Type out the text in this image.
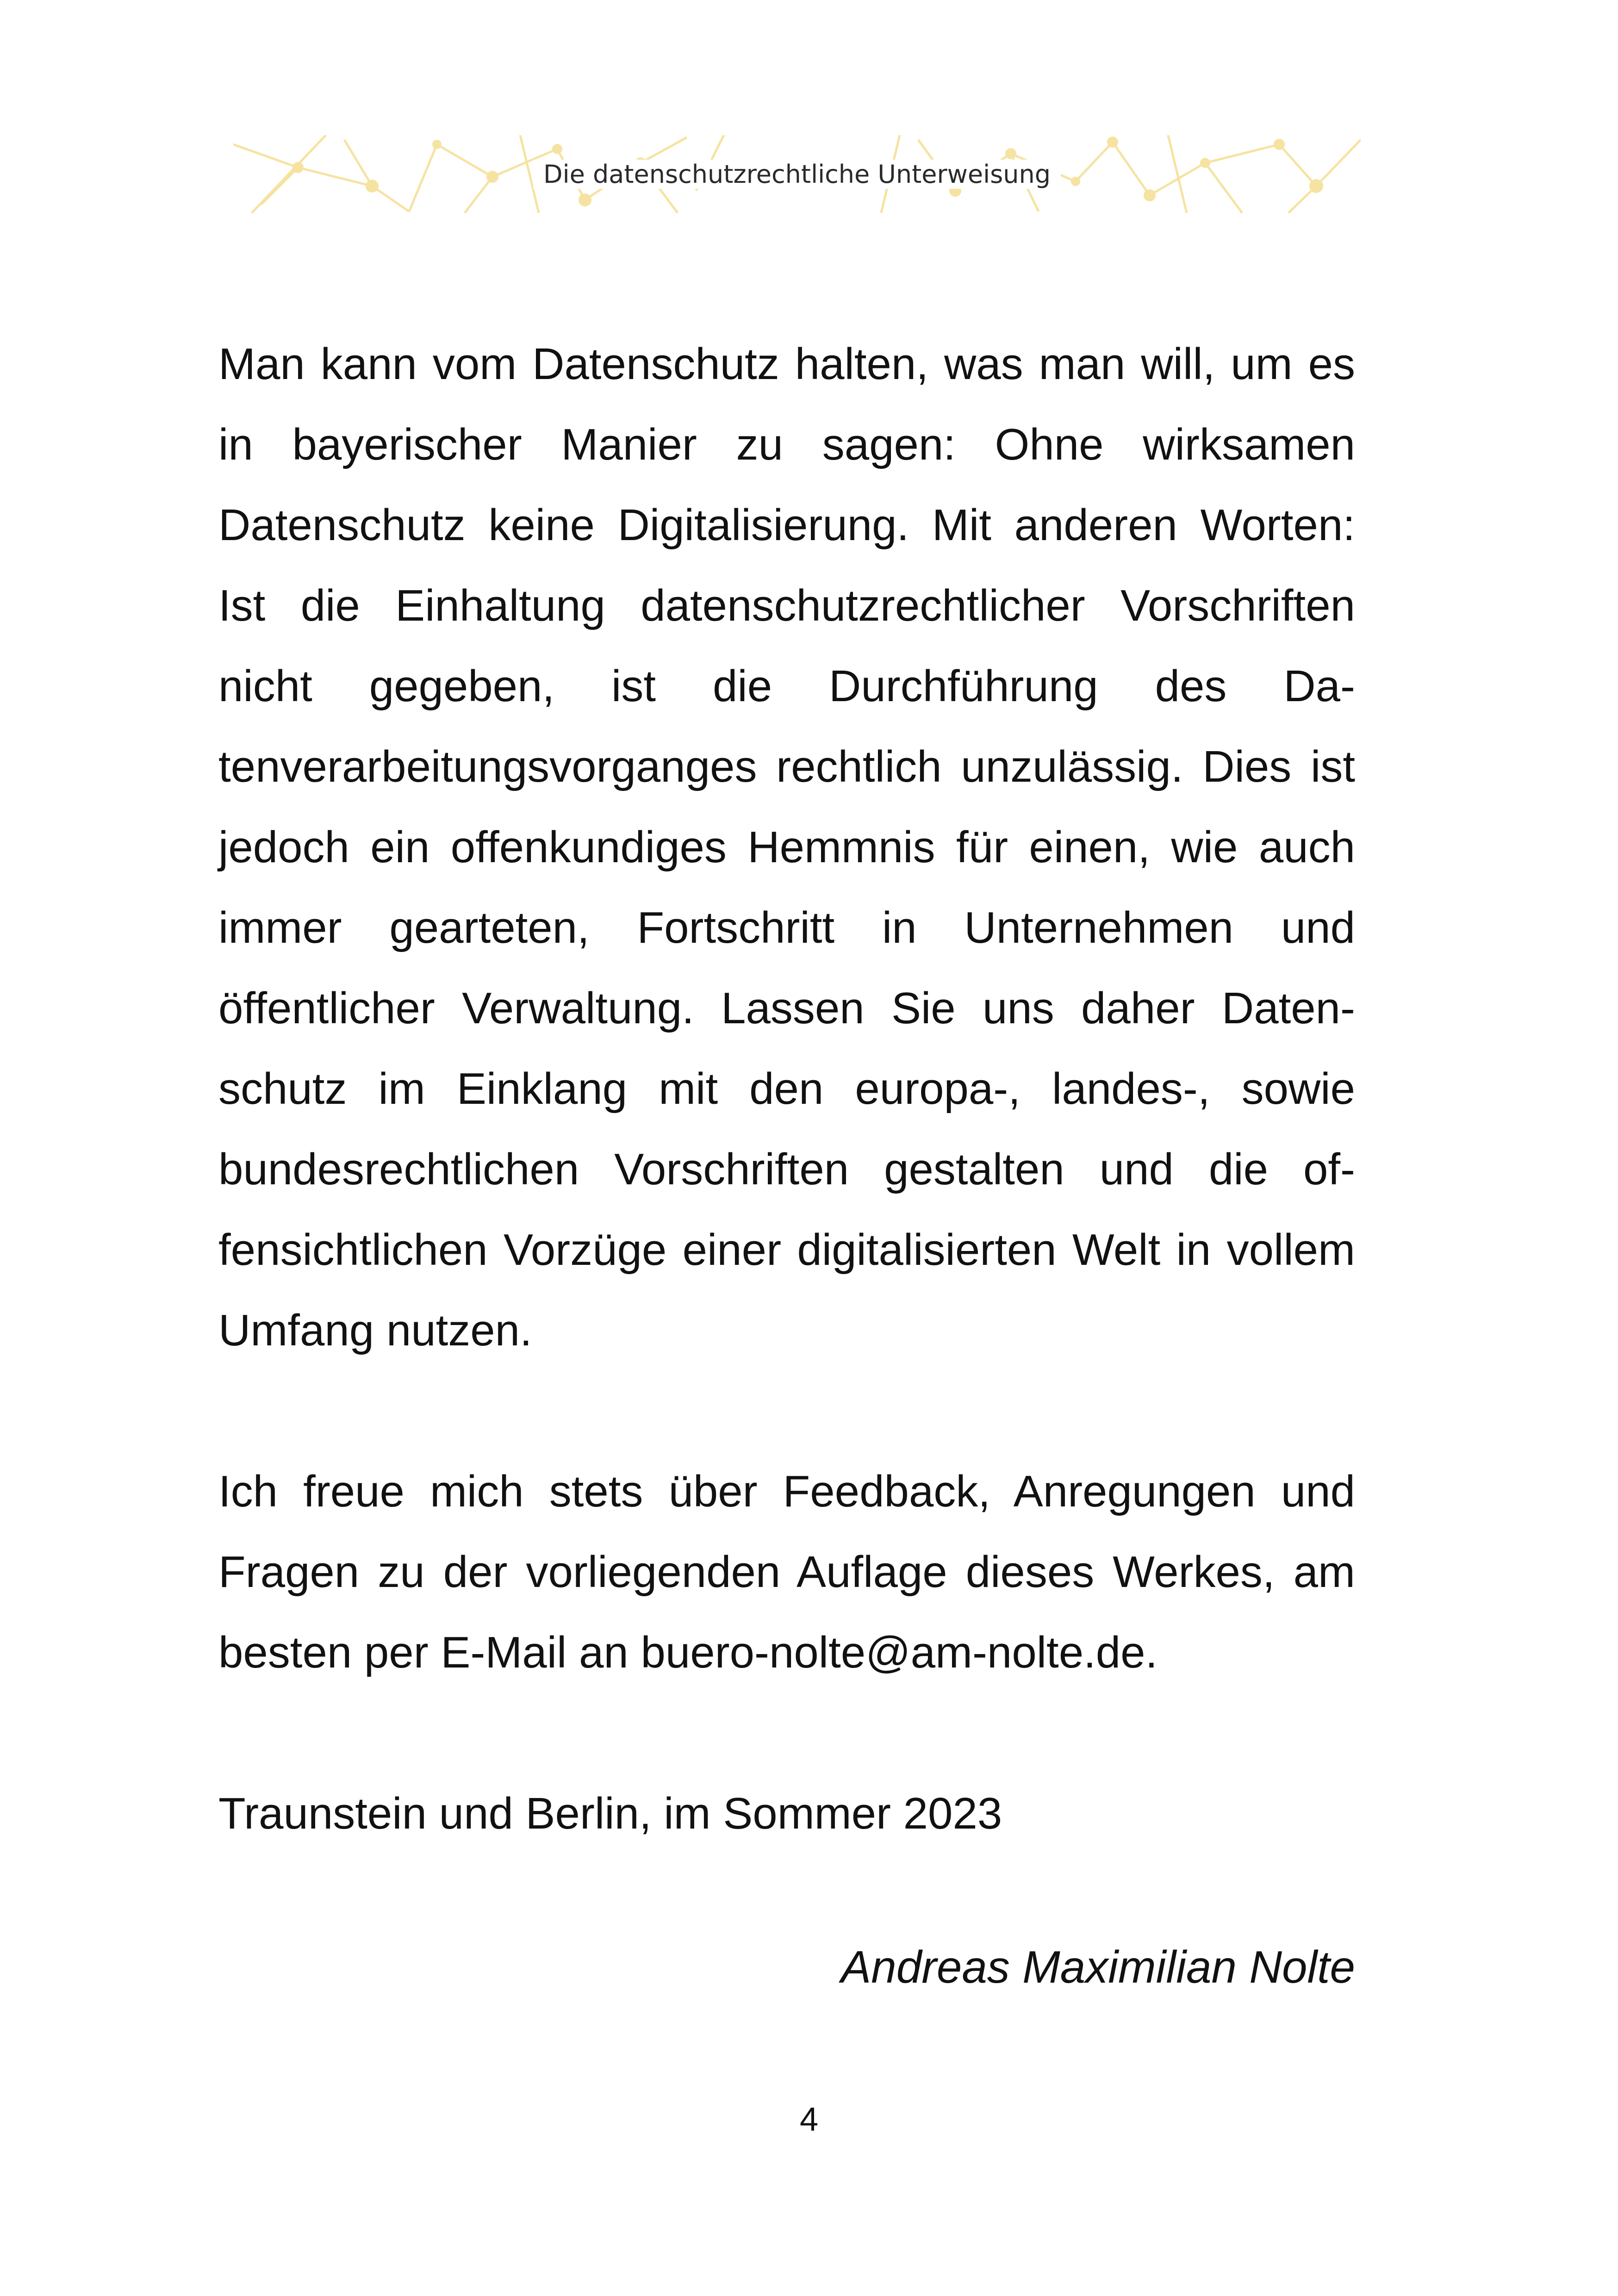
Die datenschutzrechtliche Unterweisung

Man kann vom Datenschutz halten, was man will, um es in bayerischer Manier zu sagen: Ohne wirksamen Datenschutz keine Digitalisierung. Mit anderen Worten: Ist die Einhaltung datenschutzrechtlicher Vorschriften nicht gegeben, ist die Durchführung des Datenverarbeitungsvorganges rechtlich unzulässig. Dies ist jedoch ein offenkundiges Hemmnis für einen, wie auch immer gearteten, Fortschritt in Unternehmen und öffentlicher Verwaltung. Lassen Sie uns daher Datenschutz im Einklang mit den europa-, landes-, sowie bundesrechtlichen Vorschriften gestalten und die offensichtlichen Vorzüge einer digitalisierten Welt in vollem Umfang nutzen.

Ich freue mich stets über Feedback, Anregungen und Fragen zu der vorliegenden Auflage dieses Werkes, am besten per E-Mail an buero-nolte@am-nolte.de.

Traunstein und Berlin, im Sommer 2023

Andreas Maximilian Nolte
4
